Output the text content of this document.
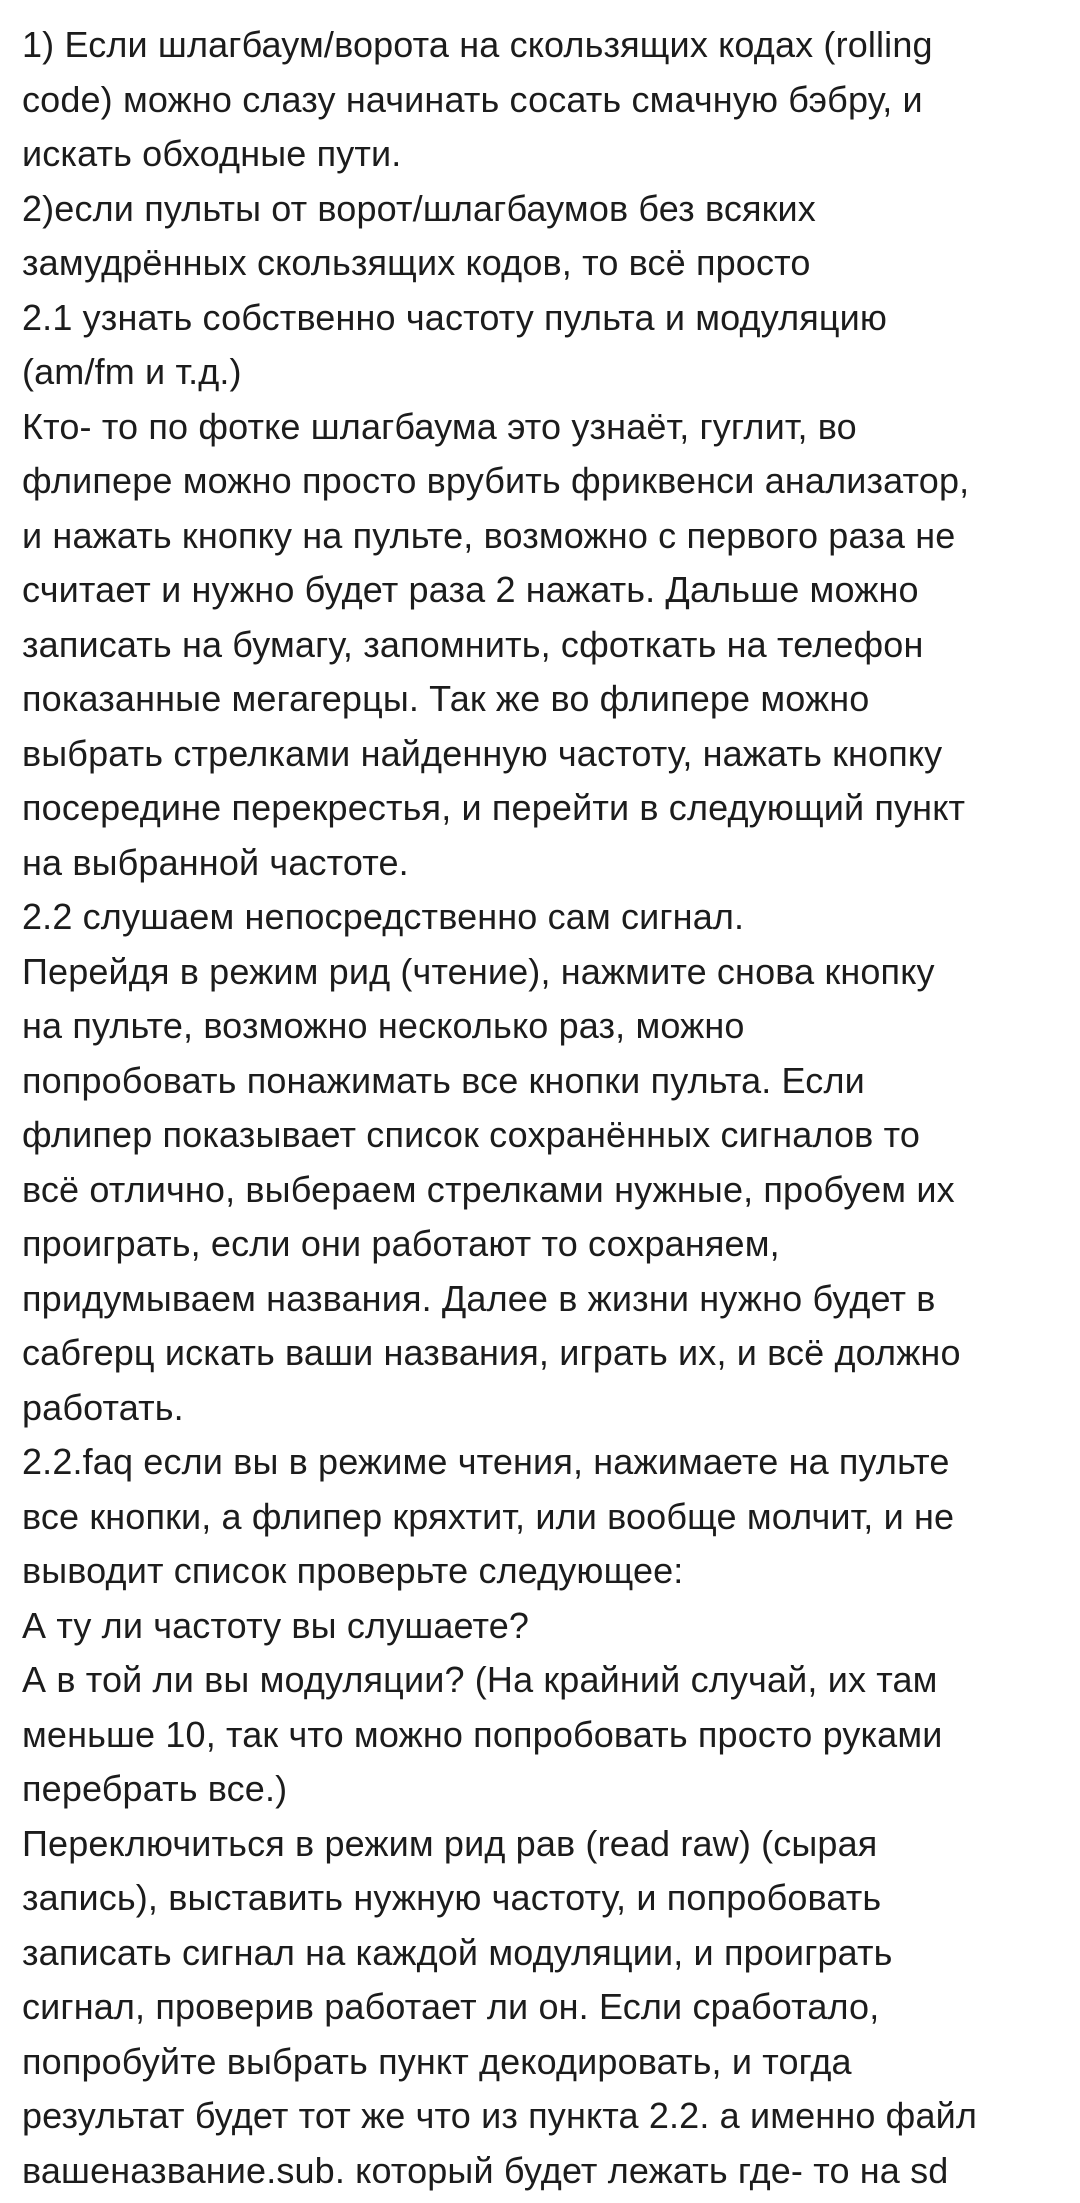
1) Если шлагбаум/ворота на скользящих кодах (rolling
code) можно слазу начинать сосать смачную бэбру, и
искать обходные пути.
2)если пульты от ворот/шлагбаумов без всяких
замудрённых скользящих кодов, то всё просто
2.1 узнать собственно частоту пульта и модуляцию
(am/fm и т.д.)
Кто- то по фотке шлагбаума это узнаёт, гуглит, во
флипере можно просто врубить фриквенси анализатор,
и нажать кнопку на пульте, возможно с первого раза не
считает и нужно будет раза 2 нажать. Дальше можно
записать на бумагу, запомнить, сфоткать на телефон
показанные мегагерцы. Так же во флипере можно
выбрать стрелками найденную частоту, нажать кнопку
посередине перекрестья, и перейти в следующий пункт
на выбранной частоте.
2.2 слушаем непосредственно сам сигнал.
Перейдя в режим рид (чтение), нажмите снова кнопку
на пульте, возможно несколько раз, можно
попробовать понажимать все кнопки пульта. Если
флипер показывает список сохранённых сигналов то
всё отлично, выбераем стрелками нужные, пробуем их
проиграть, если они работают то сохраняем,
придумываем названия. Далее в жизни нужно будет в
сабгерц искать ваши названия, играть их, и всё должно
работать.
2.2.faq если вы в режиме чтения, нажимаете на пульте
все кнопки, а флипер кряхтит, или вообще молчит, и не
выводит список проверьте следующее:
А ту ли частоту вы слушаете?
А в той ли вы модуляции? (На крайний случай, их там
меньше 10, так что можно попробовать просто руками
перебрать все.)
Переключиться в режим рид рав (read raw) (сырая
запись), выставить нужную частоту, и попробовать
записать сигнал на каждой модуляции, и проиграть
сигнал, проверив работает ли он. Если сработало,
попробуйте выбрать пункт декодировать, и тогда
результат будет тот же что из пункта 2.2. а именно файл
вашеназвание.sub. который будет лежать где- то на sd
